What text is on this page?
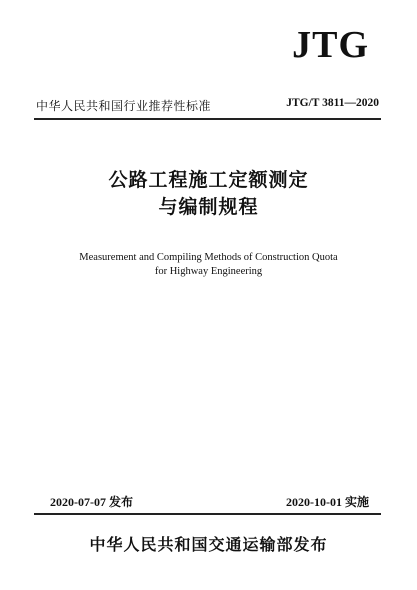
JTG
中华人民共和国行业推荐性标准	JTG/T 3811—2020
公路工程施工定额测定
与编制规程
Measurement and Compiling Methods of Construction Quota
for Highway Engineering
2020-07-07 发布	2020-10-01 实施
中华人民共和国交通运输部发布
